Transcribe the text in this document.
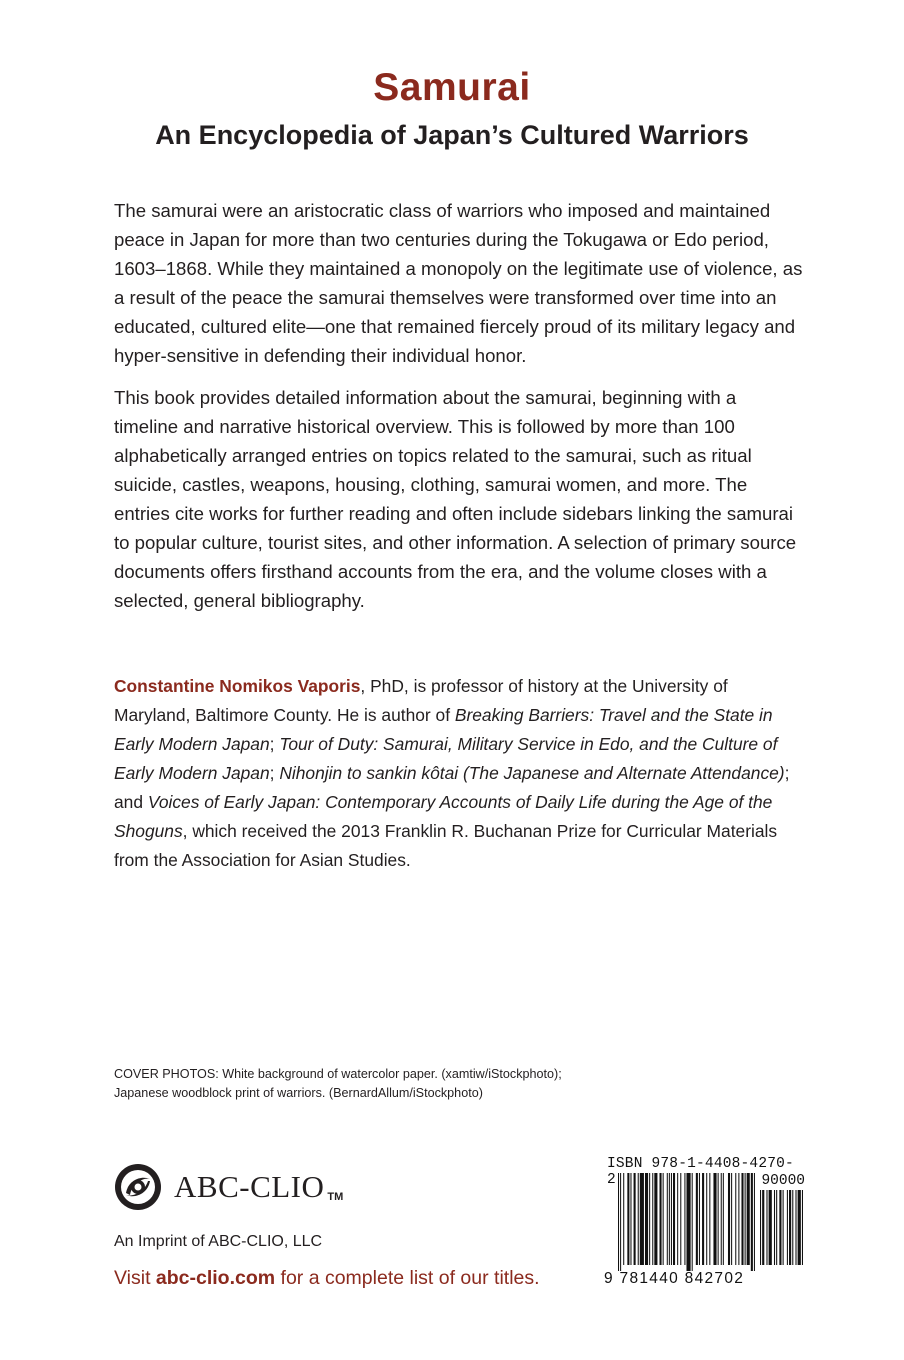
Samurai
An Encyclopedia of Japan’s Cultured Warriors

The samurai were an aristocratic class of warriors who imposed and maintained peace in Japan for more than two centuries during the Tokugawa or Edo period, 1603–1868. While they maintained a monopoly on the legitimate use of violence, as a result of the peace the samurai themselves were transformed over time into an educated, cultured elite—one that remained fiercely proud of its military legacy and hyper-sensitive in defending their individual honor.

This book provides detailed information about the samurai, beginning with a timeline and narrative historical overview. This is followed by more than 100 alphabetically arranged entries on topics related to the samurai, such as ritual suicide, castles, weapons, housing, clothing, samurai women, and more. The entries cite works for further reading and often include sidebars linking the samurai to popular culture, tourist sites, and other information. A selection of primary source documents offers firsthand accounts from the era, and the volume closes with a selected, general bibliography.

Constantine Nomikos Vaporis, PhD, is professor of history at the University of Maryland, Baltimore County. He is author of Breaking Barriers: Travel and the State in Early Modern Japan; Tour of Duty: Samurai, Military Service in Edo, and the Culture of Early Modern Japan; Nihonjin to sankin kôtai (The Japanese and Alternate Attendance); and Voices of Early Japan: Contemporary Accounts of Daily Life during the Age of the Shoguns, which received the 2013 Franklin R. Buchanan Prize for Curricular Materials from the Association for Asian Studies.

COVER PHOTOS: White background of watercolor paper. (xamtiw/iStockphoto);
Japanese woodblock print of warriors. (BernardAllum/iStockphoto)
ABC-CLIO TM

An Imprint of ABC-CLIO, LLC

Visit abc-clio.com for a complete list of our titles.

ISBN 978-1-4408-4270-2	90000
9 781440 842702
